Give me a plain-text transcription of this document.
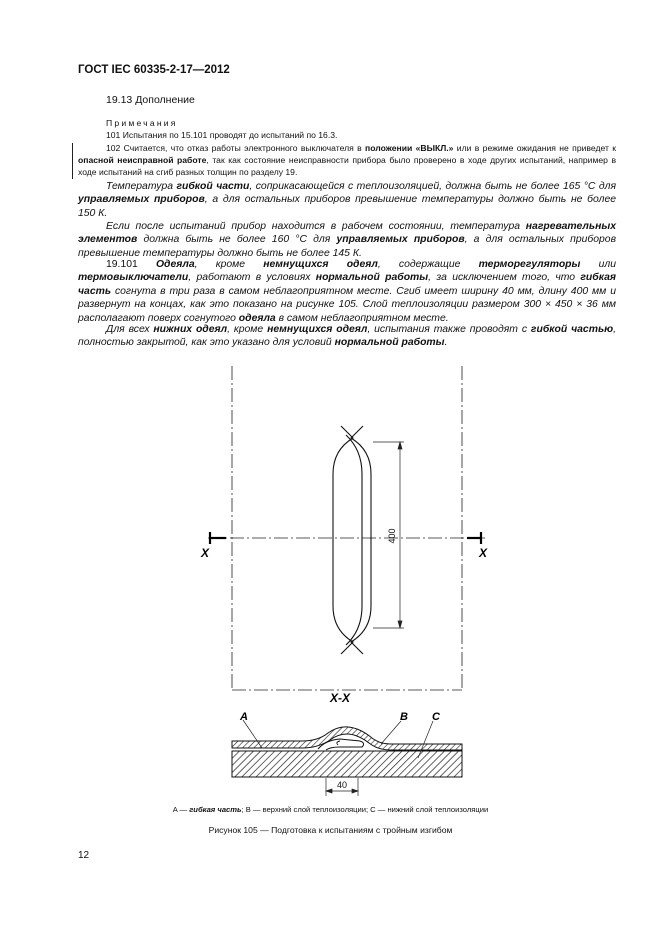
ГОСТ IEC 60335-2-17—2012
19.13 Дополнение
Примечания
101 Испытания по 15.101 проводят до испытаний по 16.3.
102 Считается, что отказ работы электронного выключателя в положении «ВЫКЛ.» или в режиме ожидания не приведет к опасной неисправной работе, так как состояние неисправности прибора было проверено в ходе других испытаний, например в ходе испытаний на сгиб разных толщин по разделу 19.
Температура гибкой части, соприкасающейся с теплоизоляцией, должна быть не более 165 °С для управляемых приборов, а для остальных приборов превышение температуры должно быть не более 150 К.
Если после испытаний прибор находится в рабочем состоянии, температура нагревательных элементов должна быть не более 160 °С для управляемых приборов, а для остальных приборов превышение температуры должно быть не более 145 К.
19.101 Одеяла, кроме немнущихся одеял, содержащие терморегуляторы или термовыключатели, работают в условиях нормальной работы, за исключением того, что гибкая часть согнута в три раза в самом неблагоприятном месте. Сгиб имеет ширину 40 мм, длину 400 мм и развернут на концах, как это показано на рисунке 105. Слой теплоизоляции размером 300 × 450 × 36 мм располагают поверх согнутого одеяла в самом неблагоприятном месте.
Для всех нижних одеял, кроме немнущихся одеял, испытания также проводят с гибкой частью, полностью закрытой, как это указано для условий нормальной работы.
400
40
X	X
X-X
A	B C
A — гибкая часть; B — верхний слой теплоизоляции; C — нижний слой теплоизоляции
Рисунок 105 — Подготовка к испытаниям с тройным изгибом
12
